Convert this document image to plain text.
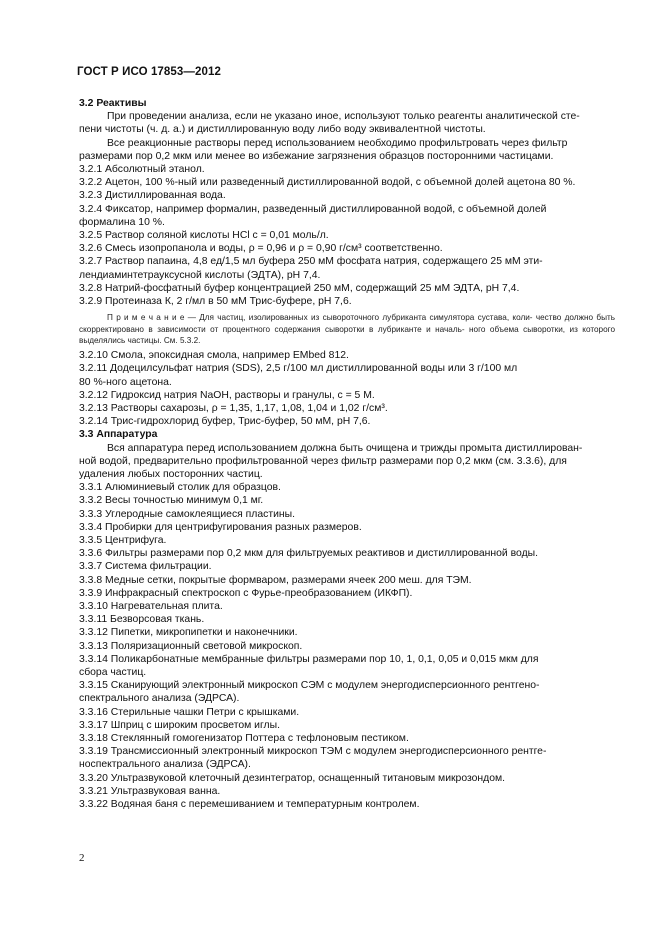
ГОСТ Р ИСО 17853—2012

3.2 Реактивы

При проведении анализа, если не указано иное, используют только реагенты аналитической сте-

пени чистоты (ч. д. а.) и дистиллированную воду либо воду эквивалентной чистоты.

Все реакционные растворы перед использованием необходимо профильтровать через фильтр

размерами пор 0,2 мкм или менее во избежание загрязнения образцов посторонними частицами.

3.2.1 Абсолютный этанол.

3.2.2 Ацетон, 100 %-ный или разведенный дистиллированной водой, с объемной долей ацетона 80 %.

3.2.3 Дистиллированная вода.

3.2.4 Фиксатор, например формалин, разведенный дистиллированной водой, с объемной долей

формалина 10 %.

3.2.5 Раствор соляной кислоты HCl c = 0,01 моль/л.

3.2.6 Смесь изопропанола и воды, ρ = 0,96 и ρ = 0,90 г/см³ соответственно.

3.2.7 Раствор папаина, 4,8 ед/1,5 мл буфера 250 мМ фосфата натрия, содержащего 25 мМ эти-

лендиаминтетрауксусной кислоты (ЭДТА), pH 7,4.

3.2.8 Натрий-фосфатный буфер концентрацией 250 мМ, содержащий 25 мМ ЭДТА, pH 7,4.

3.2.9 Протеиназа К, 2 г/мл в 50 мМ Трис-буфере, pH 7,6.

П р и м е ч а н и е — Для частиц, изолированных из сывороточного лубриканта симулятора сустава, коли- чество должно быть скорректировано в зависимости от процентного содержания сыворотки в лубриканте и началь- ного объема сыворотки, из которого выделялись частицы. См. 5.3.2.

3.2.10 Смола, эпоксидная смола, например EMbed 812.

3.2.11 Додецилсульфат натрия (SDS), 2,5 г/100 мл дистиллированной воды или 3 г/100 мл

80 %-ного ацетона.

3.2.12 Гидроксид натрия NaOH, растворы и гранулы, c = 5 М.

3.2.13 Растворы сахарозы, ρ = 1,35, 1,17, 1,08, 1,04 и 1,02 г/см³.

3.2.14 Трис-гидрохлорид буфер, Трис-буфер, 50 мМ, pH 7,6.

3.3 Аппаратура

Вся аппаратура перед использованием должна быть очищена и трижды промыта дистиллирован-

ной водой, предварительно профильтрованной через фильтр размерами пор 0,2 мкм (см. 3.3.6), для

удаления любых посторонних частиц.

3.3.1 Алюминиевый столик для образцов.

3.3.2 Весы точностью минимум 0,1 мг.

3.3.3 Углеродные самоклеящиеся пластины.

3.3.4 Пробирки для центрифугирования разных размеров.

3.3.5 Центрифуга.

3.3.6 Фильтры размерами пор 0,2 мкм для фильтруемых реактивов и дистиллированной воды.

3.3.7 Система фильтрации.

3.3.8 Медные сетки, покрытые формваром, размерами ячеек 200 меш. для ТЭМ.

3.3.9 Инфракрасный спектроскоп с Фурье-преобразованием (ИКФП).

3.3.10 Нагревательная плита.

3.3.11 Безворсовая ткань.

3.3.12 Пипетки, микропипетки и наконечники.

3.3.13 Поляризационный световой микроскоп.

3.3.14 Поликарбонатные мембранные фильтры размерами пор 10, 1, 0,1, 0,05 и 0,015 мкм для

сбора частиц.

3.3.15 Сканирующий электронный микроскоп СЭМ с модулем энергодисперсионного рентгено-

спектрального анализа (ЭДРСА).

3.3.16 Стерильные чашки Петри с крышками.

3.3.17 Шприц с широким просветом иглы.

3.3.18 Стеклянный гомогенизатор Поттера с тефлоновым пестиком.

3.3.19 Трансмиссионный электронный микроскоп ТЭМ с модулем энергодисперсионного рентге-

носпектрального анализа (ЭДРСА).

3.3.20 Ультразвуковой клеточный дезинтегратор, оснащенный титановым микрозондом.

3.3.21 Ультразвуковая ванна.

3.3.22 Водяная баня с перемешиванием и температурным контролем.

2
